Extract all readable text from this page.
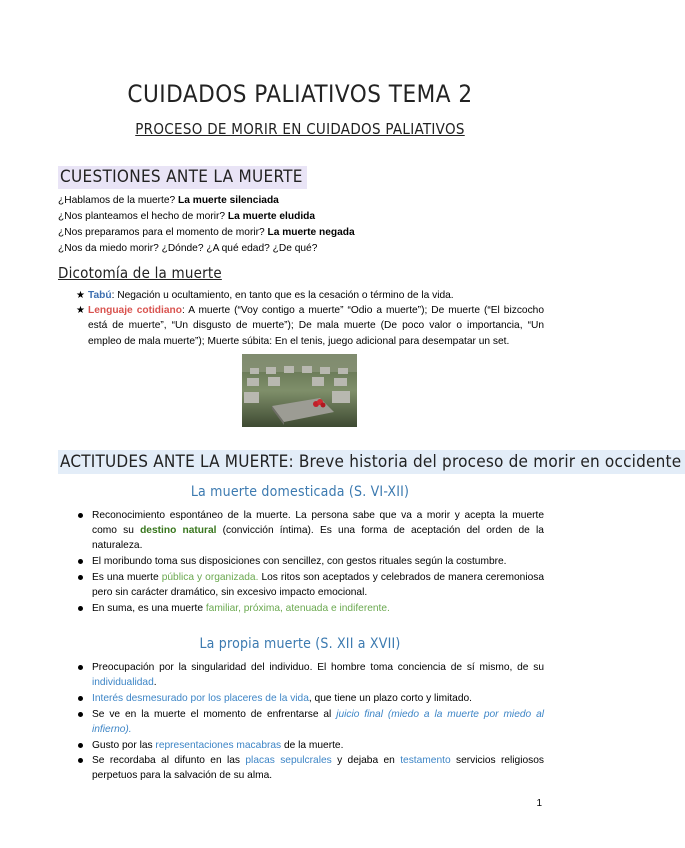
CUIDADOS PALIATIVOS TEMA 2
PROCESO DE MORIR EN CUIDADOS PALIATIVOS
CUESTIONES ANTE LA MUERTE
¿Hablamos de la muerte? La muerte silenciada
¿Nos planteamos el hecho de morir? La muerte eludida
¿Nos preparamos para el momento de morir? La muerte negada
¿Nos da miedo morir? ¿Dónde? ¿A qué edad? ¿De qué?
Dicotomía de la muerte
★ Tabú: Negación u ocultamiento, en tanto que es la cesación o término de la vida.
★ Lenguaje cotidiano: A muerte (“Voy contigo a muerte” “Odio a muerte”); De muerte (“El bizcocho está de muerte”, “Un disgusto de muerte”); De mala muerte (De poco valor o importancia, “Un empleo de mala muerte”); Muerte súbita: En el tenis, juego adicional para desempatar un set.
ACTITUDES ANTE LA MUERTE: Breve historia del proceso de morir en occidente
La muerte domesticada (S. VI-XII)
Reconocimiento espontáneo de la muerte. La persona sabe que va a morir y acepta la muerte como su destino natural (convicción íntima). Es una forma de aceptación del orden de la naturaleza.
El moribundo toma sus disposiciones con sencillez, con gestos rituales según la costumbre.
Es una muerte pública y organizada. Los ritos son aceptados y celebrados de manera ceremoniosa pero sin carácter dramático, sin excesivo impacto emocional.
En suma, es una muerte familiar, próxima, atenuada e indiferente.
La propia muerte (S. XII a XVII)
Preocupación por la singularidad del individuo. El hombre toma conciencia de sí mismo, de su individualidad.
Interés desmesurado por los placeres de la vida, que tiene un plazo corto y limitado.
Se ve en la muerte el momento de enfrentarse al juicio final (miedo a la muerte por miedo al infierno).
Gusto por las representaciones macabras de la muerte.
Se recordaba al difunto en las placas sepulcrales y dejaba en testamento servicios religiosos perpetuos para la salvación de su alma.
1
